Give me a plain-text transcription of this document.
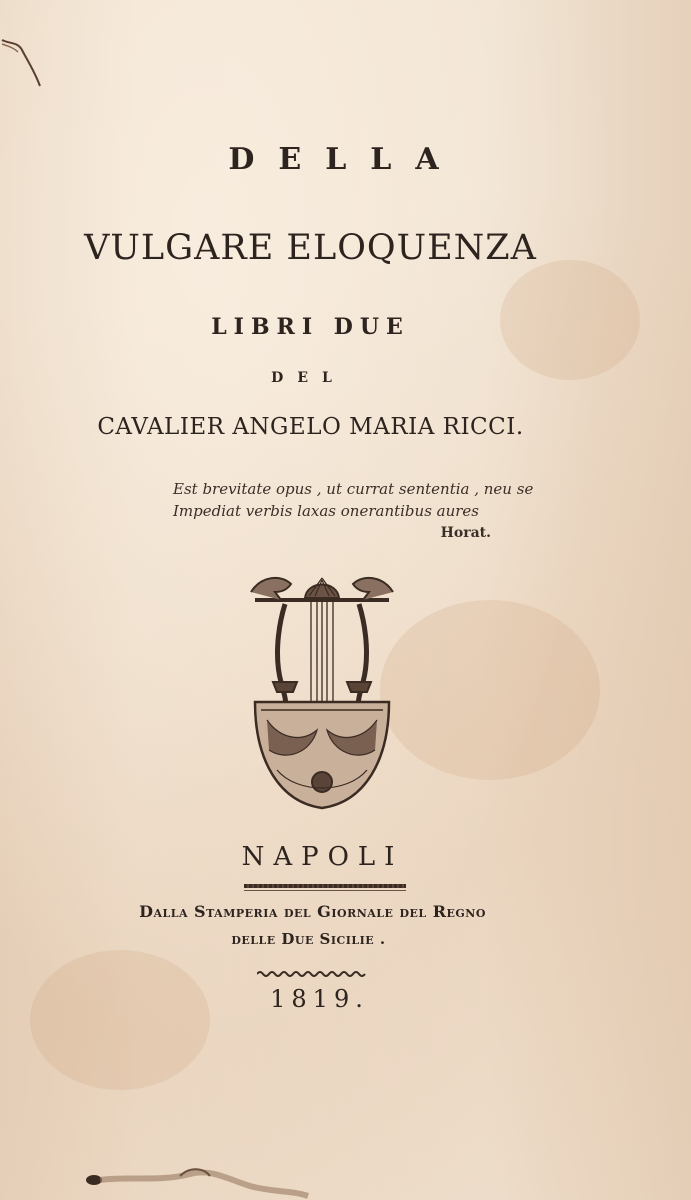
DELLA
VULGARE ELOQUENZA
LIBRI DUE
DEL
CAVALIER ANGELO MARIA RICCI.
Est brevitate opus , ut currat sententia , neu se
Impediat verbis laxas onerantibus aures
Horat.
NAPOLI
Dalla Stamperia del Giornale del Regno
delle Due Sicilie .
1819.
